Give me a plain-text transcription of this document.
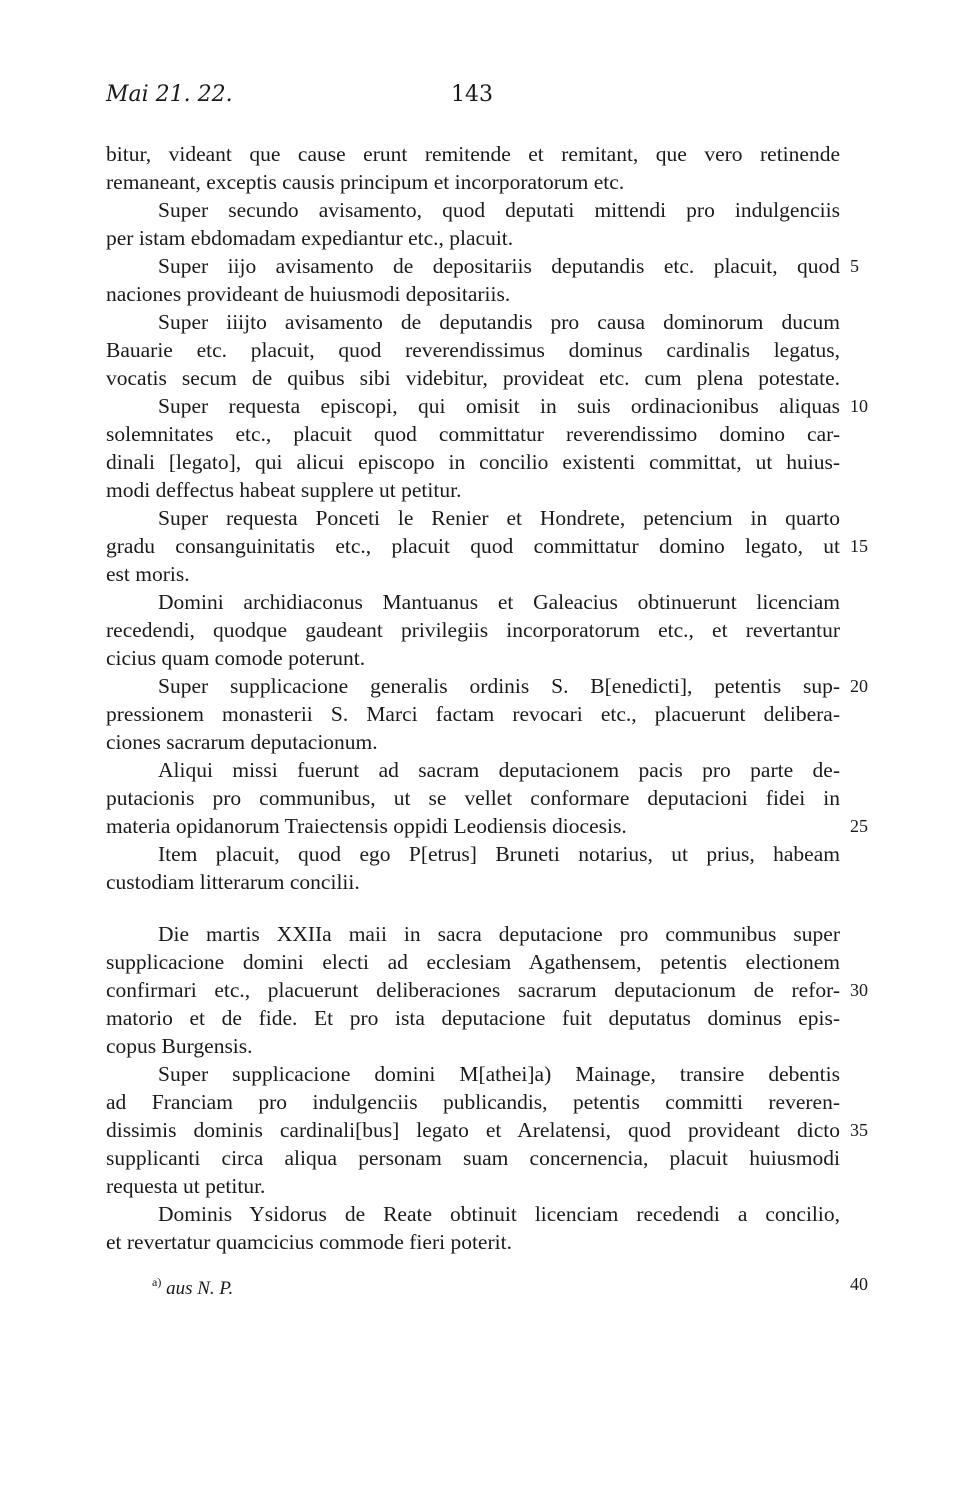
Mai 21. 22.	143
bitur, videant que cause erunt remitende et remitant, que vero retinende
remaneant, exceptis causis principum et incorporatorum etc.
Super secundo avisamento, quod deputati mittendi pro indulgenciis
per istam ebdomadam expediantur etc., placuit.
Super iijo avisamento de depositariis deputandis etc. placuit, quod
naciones provideant de huiusmodi depositariis.
Super iiijto avisamento de deputandis pro causa dominorum ducum
Bauarie etc. placuit, quod reverendissimus dominus cardinalis legatus,
vocatis secum de quibus sibi videbitur, provideat etc. cum plena potestate.
Super requesta episcopi, qui omisit in suis ordinacionibus aliquas
solemnitates etc., placuit quod committatur reverendissimo domino car-
dinali [legato], qui alicui episcopo in concilio existenti committat, ut huius-
modi deffectus habeat supplere ut petitur.
Super requesta Ponceti le Renier et Hondrete, petencium in quarto
gradu consanguinitatis etc., placuit quod committatur domino legato, ut
est moris.
Domini archidiaconus Mantuanus et Galeacius obtinuerunt licenciam
recedendi, quodque gaudeant privilegiis incorporatorum etc., et revertantur
cicius quam comode poterunt.
Super supplicacione generalis ordinis S. B[enedicti], petentis sup-
pressionem monasterii S. Marci factam revocari etc., placuerunt delibera-
ciones sacrarum deputacionum.
Aliqui missi fuerunt ad sacram deputacionem pacis pro parte de-
putacionis pro communibus, ut se vellet conformare deputacioni fidei in
materia opidanorum Traiectensis oppidi Leodiensis diocesis.
Item placuit, quod ego P[etrus] Bruneti notarius, ut prius, habeam
custodiam litterarum concilii.
Die martis XXIIa maii in sacra deputacione pro communibus super
supplicacione domini electi ad ecclesiam Agathensem, petentis electionem
confirmari etc., placuerunt deliberaciones sacrarum deputacionum de refor-
matorio et de fide. Et pro ista deputacione fuit deputatus dominus epis-
copus Burgensis.
Super supplicacione domini M[athei]a) Mainage, transire debentis
ad Franciam pro indulgenciis publicandis, petentis committi reveren-
dissimis dominis cardinali[bus] legato et Arelatensi, quod provideant dicto
supplicanti circa aliqua personam suam concernencia, placuit huiusmodi
requesta ut petitur.
Dominis Ysidorus de Reate obtinuit licenciam recedendi a concilio,
et revertatur quamcicius commode fieri poterit.
5
10
15
20
25
30
35
40
$^{a)}$ aus N. P.
